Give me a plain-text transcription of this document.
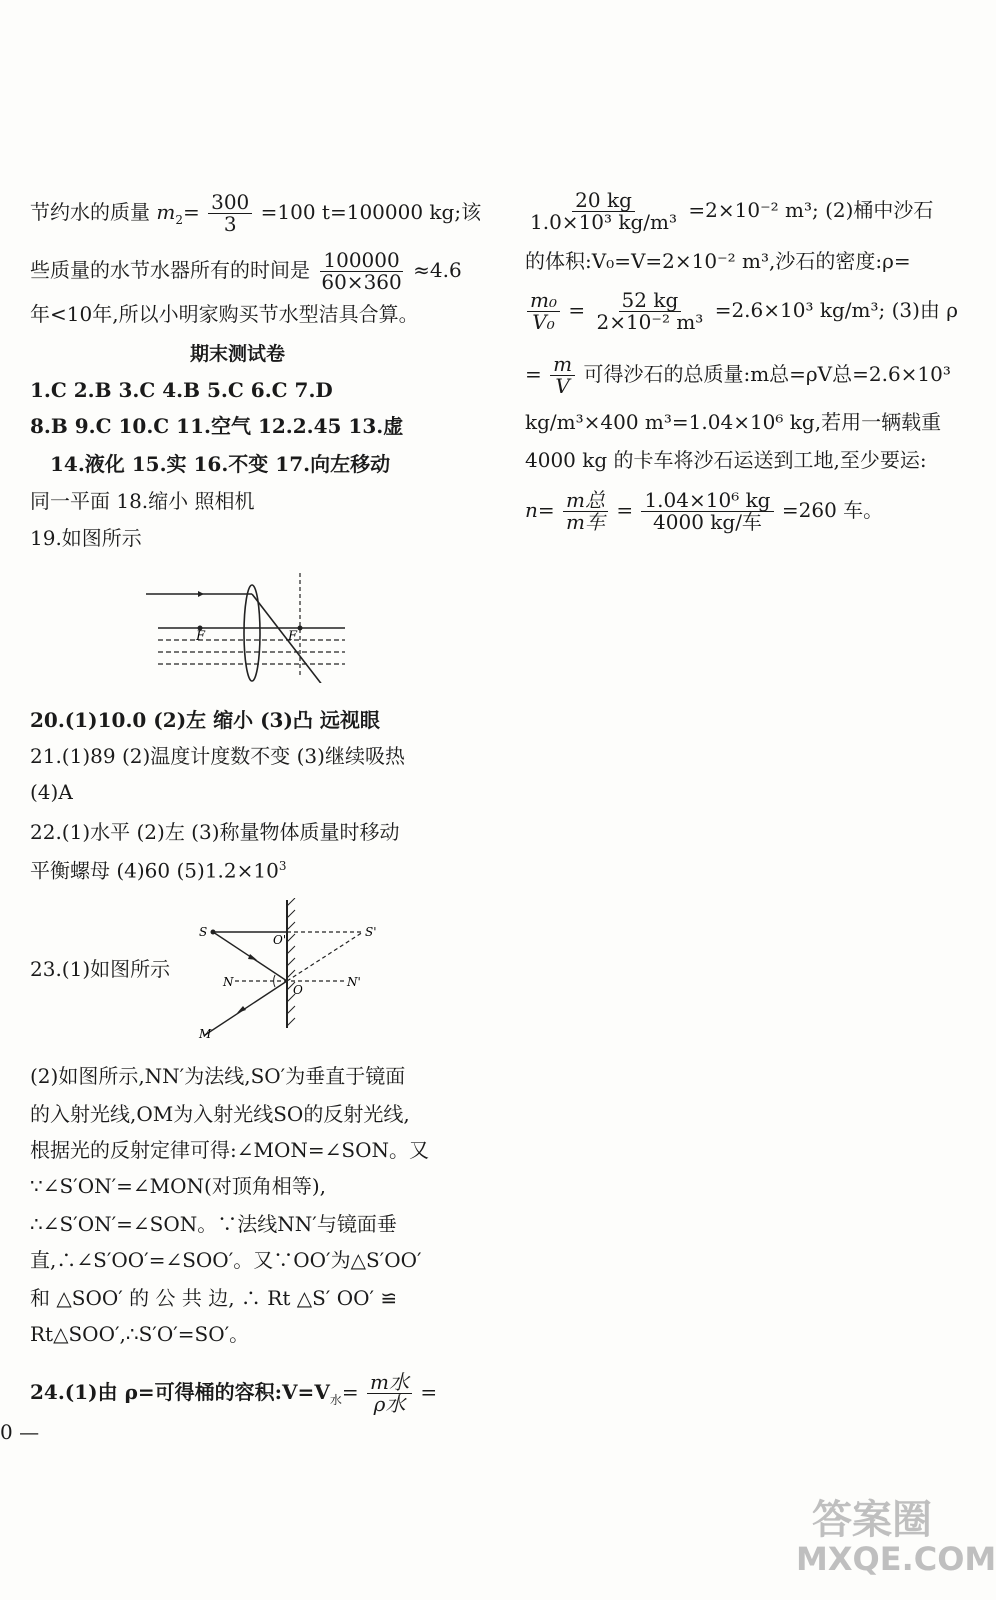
节约水的质量 $m_2= \frac{300}{3} =100$ t=100000 kg;该
些质量的水节水器所有的时间是 $\frac{100000}{60\times 360} \approx 4.6$
年<10年,所以小明家购买节水型洁具合算。
期末测试卷
1.C 2.B 3.C 4.B 5.C 6.C 7.D
8.B 9.C 10.C 11.空气 12.2.45 13.虚
14.液化 15.实 16.不变 17.向左移动
同一平面 18.缩小 照相机
19.如图所示
F	F
20.(1)10.0 (2)左 缩小 (3)凸 远视眼
21.(1)89 (2)温度计度数不变 (3)继续吸热
(4)A
22.(1)水平 (2)左 (3)称量物体质量时移动
平衡螺母 (4)60 $(5)1.2\times 10^3$
23.(1)如图所示
S	S'
O'
N	N'
O
M
(2)如图所示,NN′为法线,SO′为垂直于镜面
的入射光线,OM为入射光线SO的反射光线,
根据光的反射定律可得:∠MON=∠SON。又
∵∠S′ON′=∠MON(对顶角相等),
∴∠S′ON′=∠SON。∵法线NN′与镜面垂
直,∴∠S′OO′=∠SOO′。又∵OO′为△S′OO′
和 △SOO′ 的 公 共 边, ∴ Rt △S′ OO′ ≌
Rt△SOO′,∴S′O′=SO′。
24.(1)由 ρ=可得桶的容积$:V=V_水= \frac{\text{m水}}{\text{ρ水}}$ =
0 —
$\frac{20 kg}{\text{1.0×10³ kg/m³}} =2\times 10^{-2}$ m³; (2)桶中沙石
的体积:V₀=V=2×10⁻² m³,沙石的密度:ρ=
$\frac{\text{m₀}}{\text{V₀}} = \frac{52 kg}{\text{2×10⁻² m³}} =2.6\times 10^3$ kg/m³; (3)由 ρ
= $\frac{m}{V}$ 可得沙石的总质量:m总=ρV总=2.6×10³
kg/m³×400 m³=1.04×10⁶ kg,若用一辆载重
4000 kg 的卡车将沙石运送到工地,至少要运:
$n= \frac{\text{m总}}{\text{m车}} = \frac{\text{1.04×10⁶ kg}}{\text{4000 kg/车}} =260$ 车。
答案圈
MXQE.COM
